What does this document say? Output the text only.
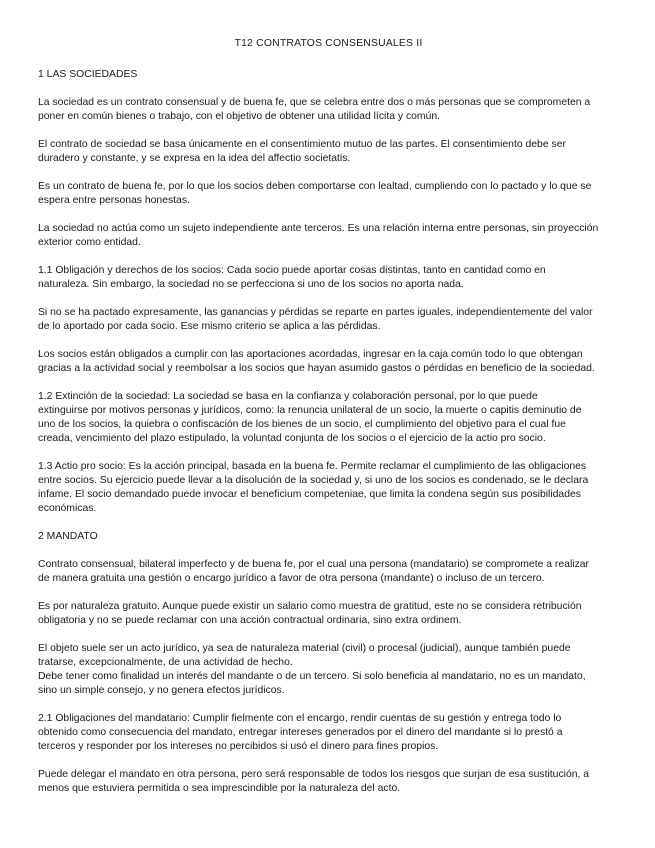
T12 CONTRATOS CONSENSUALES II
1 LAS SOCIEDADES
La sociedad es un contrato consensual y de buena fe, que se celebra entre dos o más personas que se comprometen a
poner en común bienes o trabajo, con el objetivo de obtener una utilidad lícita y común.
El contrato de sociedad se basa únicamente en el consentimiento mutuo de las partes. El consentimiento debe ser
duradero y constante, y se expresa en la idea del affectio societatis.
Es un contrato de buena fe, por lo que los socios deben comportarse con lealtad, cumpliendo con lo pactado y lo que se
espera entre personas honestas.
La sociedad no actúa como un sujeto independiente ante terceros. Es una relación interna entre personas, sin proyección
exterior como entidad.
1.1 Obligación y derechos de los socios: Cada socio puede aportar cosas distintas, tanto en cantidad como en
naturaleza. Sin embargo, la sociedad no se perfecciona si uno de los socios no aporta nada.
Si no se ha pactado expresamente, las ganancias y pérdidas se reparte en partes iguales, independientemente del valor
de lo aportado por cada socio. Ese mismo criterio se aplica a las pérdidas.
Los socios están obligados a cumplir con las aportaciones acordadas, ingresar en la caja común todo lo que obtengan
gracias a la actividad social y reembolsar a los socios que hayan asumido gastos o pérdidas en beneficio de la sociedad.
1.2 Extinción de la sociedad: La sociedad se basa en la confianza y colaboración personal, por lo que puede
extinguirse por motivos personas y jurídicos, como: la renuncia unilateral de un socio, la muerte o capitis deminutio de
uno de los socios, la quiebra o confiscación de los bienes de un socio, el cumplimiento del objetivo para el cual fue
creada, vencimiento del plazo estipulado, la voluntad conjunta de los socios o el ejercicio de la actio pro socio.
1.3 Actio pro socio: Es la acción principal, basada en la buena fe. Permite reclamar el cumplimiento de las obligaciones
entre socios. Su ejercicio puede llevar a la disolución de la sociedad y, si uno de los socios es condenado, se le declara
infame. El socio demandado puede invocar el beneficium competeniae, que limita la condena según sus posibilidades
económicas.
2 MANDATO
Contrato consensual, bilateral imperfecto y de buena fe, por el cual una persona (mandatario) se compromete a realizar
de manera gratuita una gestión o encargo jurídico a favor de otra persona (mandante) o incluso de un tercero.
Es por naturaleza gratuito. Aunque puede existir un salario como muestra de gratitud, este no se considera retribución
obligatoria y no se puede reclamar con una acción contractual ordinaria, sino extra ordinem.
El objeto suele ser un acto jurídico, ya sea de naturaleza material (civil) o procesal (judicial), aunque también puede
tratarse, excepcionalmente, de una actividad de hecho.
Debe tener como finalidad un interés del mandante o de un tercero. Si solo beneficia al mandatario, no es un mandato,
sino un simple consejo, y no genera efectos jurídicos.
2.1 Obligaciones del mandatario: Cumplir fielmente con el encargo, rendir cuentas de su gestión y entrega todo lo
obtenido como consecuencia del mandato, entregar intereses generados por el dinero del mandante si lo prestó a
terceros y responder por los intereses no percibidos si usó el dinero para fines propios.
Puede delegar el mandato en otra persona, pero será responsable de todos los riesgos que surjan de esa sustitución, a
menos que estuviera permitida o sea imprescindible por la naturaleza del acto.
